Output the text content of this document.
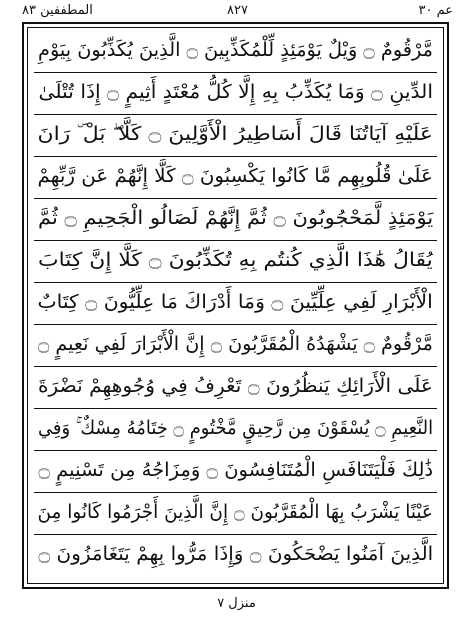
المطففين ٨٣	٨٢٧	عم ٣٠
مَّرْقُومٌ ۝ وَيْلٌ يَوْمَئِذٍ لِّلْمُكَذِّبِينَ ۝ الَّذِينَ يُكَذِّبُونَ بِيَوْمِ
الدِّينِ ۝ وَمَا يُكَذِّبُ بِهِ إِلَّا كُلُّ مُعْتَدٍ أَثِيمٍ ۝ إِذَا تُتْلَىٰ
عَلَيْهِ آيَاتُنَا قَالَ أَسَاطِيرُ الْأَوَّلِينَ ۝ كَلَّا ۖ بَلْ ۜ رَانَ
عَلَىٰ قُلُوبِهِم مَّا كَانُوا يَكْسِبُونَ ۝ كَلَّا إِنَّهُمْ عَن رَّبِّهِمْ
يَوْمَئِذٍ لَّمَحْجُوبُونَ ۝ ثُمَّ إِنَّهُمْ لَصَالُو الْجَحِيمِ ۝ ثُمَّ
يُقَالُ هَٰذَا الَّذِي كُنتُم بِهِ تُكَذِّبُونَ ۝ كَلَّا إِنَّ كِتَابَ
الْأَبْرَارِ لَفِي عِلِّيِّينَ ۝ وَمَا أَدْرَاكَ مَا عِلِّيُّونَ ۝ كِتَابٌ
مَّرْقُومٌ ۝ يَشْهَدُهُ الْمُقَرَّبُونَ ۝ إِنَّ الْأَبْرَارَ لَفِي نَعِيمٍ ۝
عَلَى الْأَرَائِكِ يَنظُرُونَ ۝ تَعْرِفُ فِي وُجُوهِهِمْ نَضْرَةَ
النَّعِيمِ ۝ يُسْقَوْنَ مِن رَّحِيقٍ مَّخْتُومٍ ۝ خِتَامُهُ مِسْكٌ ۚ وَفِي
ذَٰلِكَ فَلْيَتَنَافَسِ الْمُتَنَافِسُونَ ۝ وَمِزَاجُهُ مِن تَسْنِيمٍ ۝
عَيْنًا يَشْرَبُ بِهَا الْمُقَرَّبُونَ ۝ إِنَّ الَّذِينَ أَجْرَمُوا كَانُوا مِنَ
الَّذِينَ آمَنُوا يَضْحَكُونَ ۝ وَإِذَا مَرُّوا بِهِمْ يَتَغَامَزُونَ ۝
منزل ٧
